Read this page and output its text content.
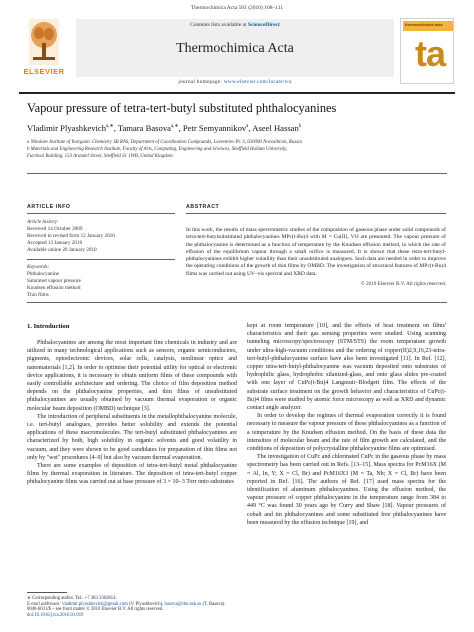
Thermochimica Acta 501 (2010) 108–111
ELSEVIER
Contents lists available at ScienceDirect
Thermochimica Acta
journal homepage: www.elsevier.com/locate/tca
thermochimica acta
ta
Vapour pressure of tetra-tert-butyl substituted phthalocyanines
Vladimir Plyashkevich$^{a,∗}$, Tamara Basova$^{a,∗}$, Petr Semyannikov$^a$, Aseel Hassan$^b$
a Nikolaev Institute of Inorganic Chemistry SB RAS, Department of Coordination Compounds, Lavrentiev Pr. 3, 630090 Novosibirsk, Russia
b Materials and Engineering Research Institute, Faculty of Arts, Computing, Engineering and Sciences, Sheffield Hallam University,
Furnival Building, 153 Arundel Street, Sheffield S1 1WB, United Kingdom
ARTICLE INFO
Article history:
Received 14 October 2009
Received in revised form 12 January 2010
Accepted 13 January 2010
Available online 20 January 2010
Keywords:
Phthalocyanine
Saturated vapour pressure
Knudsen effusion method
Thin films
ABSTRACT
In this work, the results of mass spectrometric studies of the composition of gaseous phase under solid compounds of tetra-tert-butylsubstituted phthalocyanines MPc(t-Bu)4 with M = Cu(II), VO are presented. The vapour pressure of the phthalocyanine is determined as a function of temperature by the Knudsen effusion method, in which the rate of effusion of the equilibrium vapour through a small orifice is measured. It is shown that these tetra-tert-butyl-phthalocyanines exhibit higher volatility than their unsubstituted analogues. Such data are needed in order to improve the operating conditions of the growth of thin films by OMBD. The investigation of structural features of MPc(t-Bu)4 films was carried out using UV–vis spectral and XRD data.
© 2010 Elsevier B.V. All rights reserved.
1. Introduction

Phthalocyanines are among the most important fine chemicals in industry and are utilized in many technological applications such as sensors, organic semiconductors, pigments, optoelectronic devices, solar cells, catalysis, nonlinear optics and nanomaterials [1,2]. In order to optimise their potential utility for optical or electronic device applications, it is necessary to obtain uniform films of these compounds with easily controllable architecture and ordering. The choice of film deposition method depends on the phthalocyanine properties, and thin films of unsubstituted phthalocyanines are usually obtained by vacuum thermal evaporation or organic molecular beam deposition (OMBD) technique [3].

The introduction of peripheral substituents in the metallophthalocyanine molecule, i.e. tert-butyl analogues, provides better solubility and extends the potential applications of these macromolecules. The tert-butyl substituted phthalocyanines are characterized by both, high solubility in organic solvents and good volatility in vacuum, and they were shown to be good candidates for preparation of thin films not only by "wet" procedures [4–9] but also by vacuum thermal evaporation.

There are some examples of deposition of tetra-tert-butyl metal phthalocyanine films by thermal evaporation in literature. The deposition of tetra-tert-butyl copper phthalocyanine films was carried out at base pressure of 3 × 10−3 Torr onto substrates

kept at room temperature [10], and the effects of heat treatment on films' characteristics and their gas sensing properties were studied. Using scanning tunneling microscopy/spectroscopy (STM/STS) the room temperature growth under ultra-high-vacuum conditions and the ordering of copper(II)2,9,16,23-tetra-tert-butyl-phthalocyanine surface have also been investigated [11]. In Ref. [12], copper tetra-tert-butyl-phthalocyanine was vacuum deposited onto substrates of hydrophilic glass, hydrophobic silanized-glass, and onto glass slides pre-coated with one layer of CuPc(t-Bu)4 Langmuir–Blodgett film. The effects of the substrate surface treatment on the growth behavior and characteristics of CuPc(t-Bu)4 films were studied by atomic force microscopy as well as XRD and dynamic contact angle analyzer.

In order to develop the regimes of thermal evaporation correctly it is found necessary to measure the vapour pressure of these phthalocyanines as a function of a temperature by the Knudsen effusion method. On the basis of these data the intensities of molecular beam and the rate of film growth are calculated, and the conditions of deposition of polycrystalline phthalocyanine films are optimised.

The investigation of CuPc and chlorinated CuPc in the gaseous phase by mass spectrometry has been carried out in Refs. [13–15]. Mass spectra for PcM16X (M = Al, In, Y; X = Cl, Br) and PcM16X3 (M = Ta, Nb; X = Cl, Br) have been reported in Ref. [16]. The authors of Ref. [17] used mass spectra for the identification of aluminum phthalocyanines. Using the effusion method, the vapour pressure of copper phthalocyanine in the temperature range from 384 to 449 °C was found 30 years ago by Curry and Shaw [18]. Vapour pressures of cobalt and tin phthalocyanines and some substituted free phthalocyanines have been measured by the effusion technique [19], and

∗ Corresponding author. Tel.: +7 383 3302814.
E-mail addresses: vladimir.plyashkevich@gmail.com (V. Plyashkevich), basova@che.nsk.su (T. Basova).
0040-6031/$ – see front matter © 2010 Elsevier B.V. All rights reserved.
doi:10.1016/j.tca.2010.01.019
